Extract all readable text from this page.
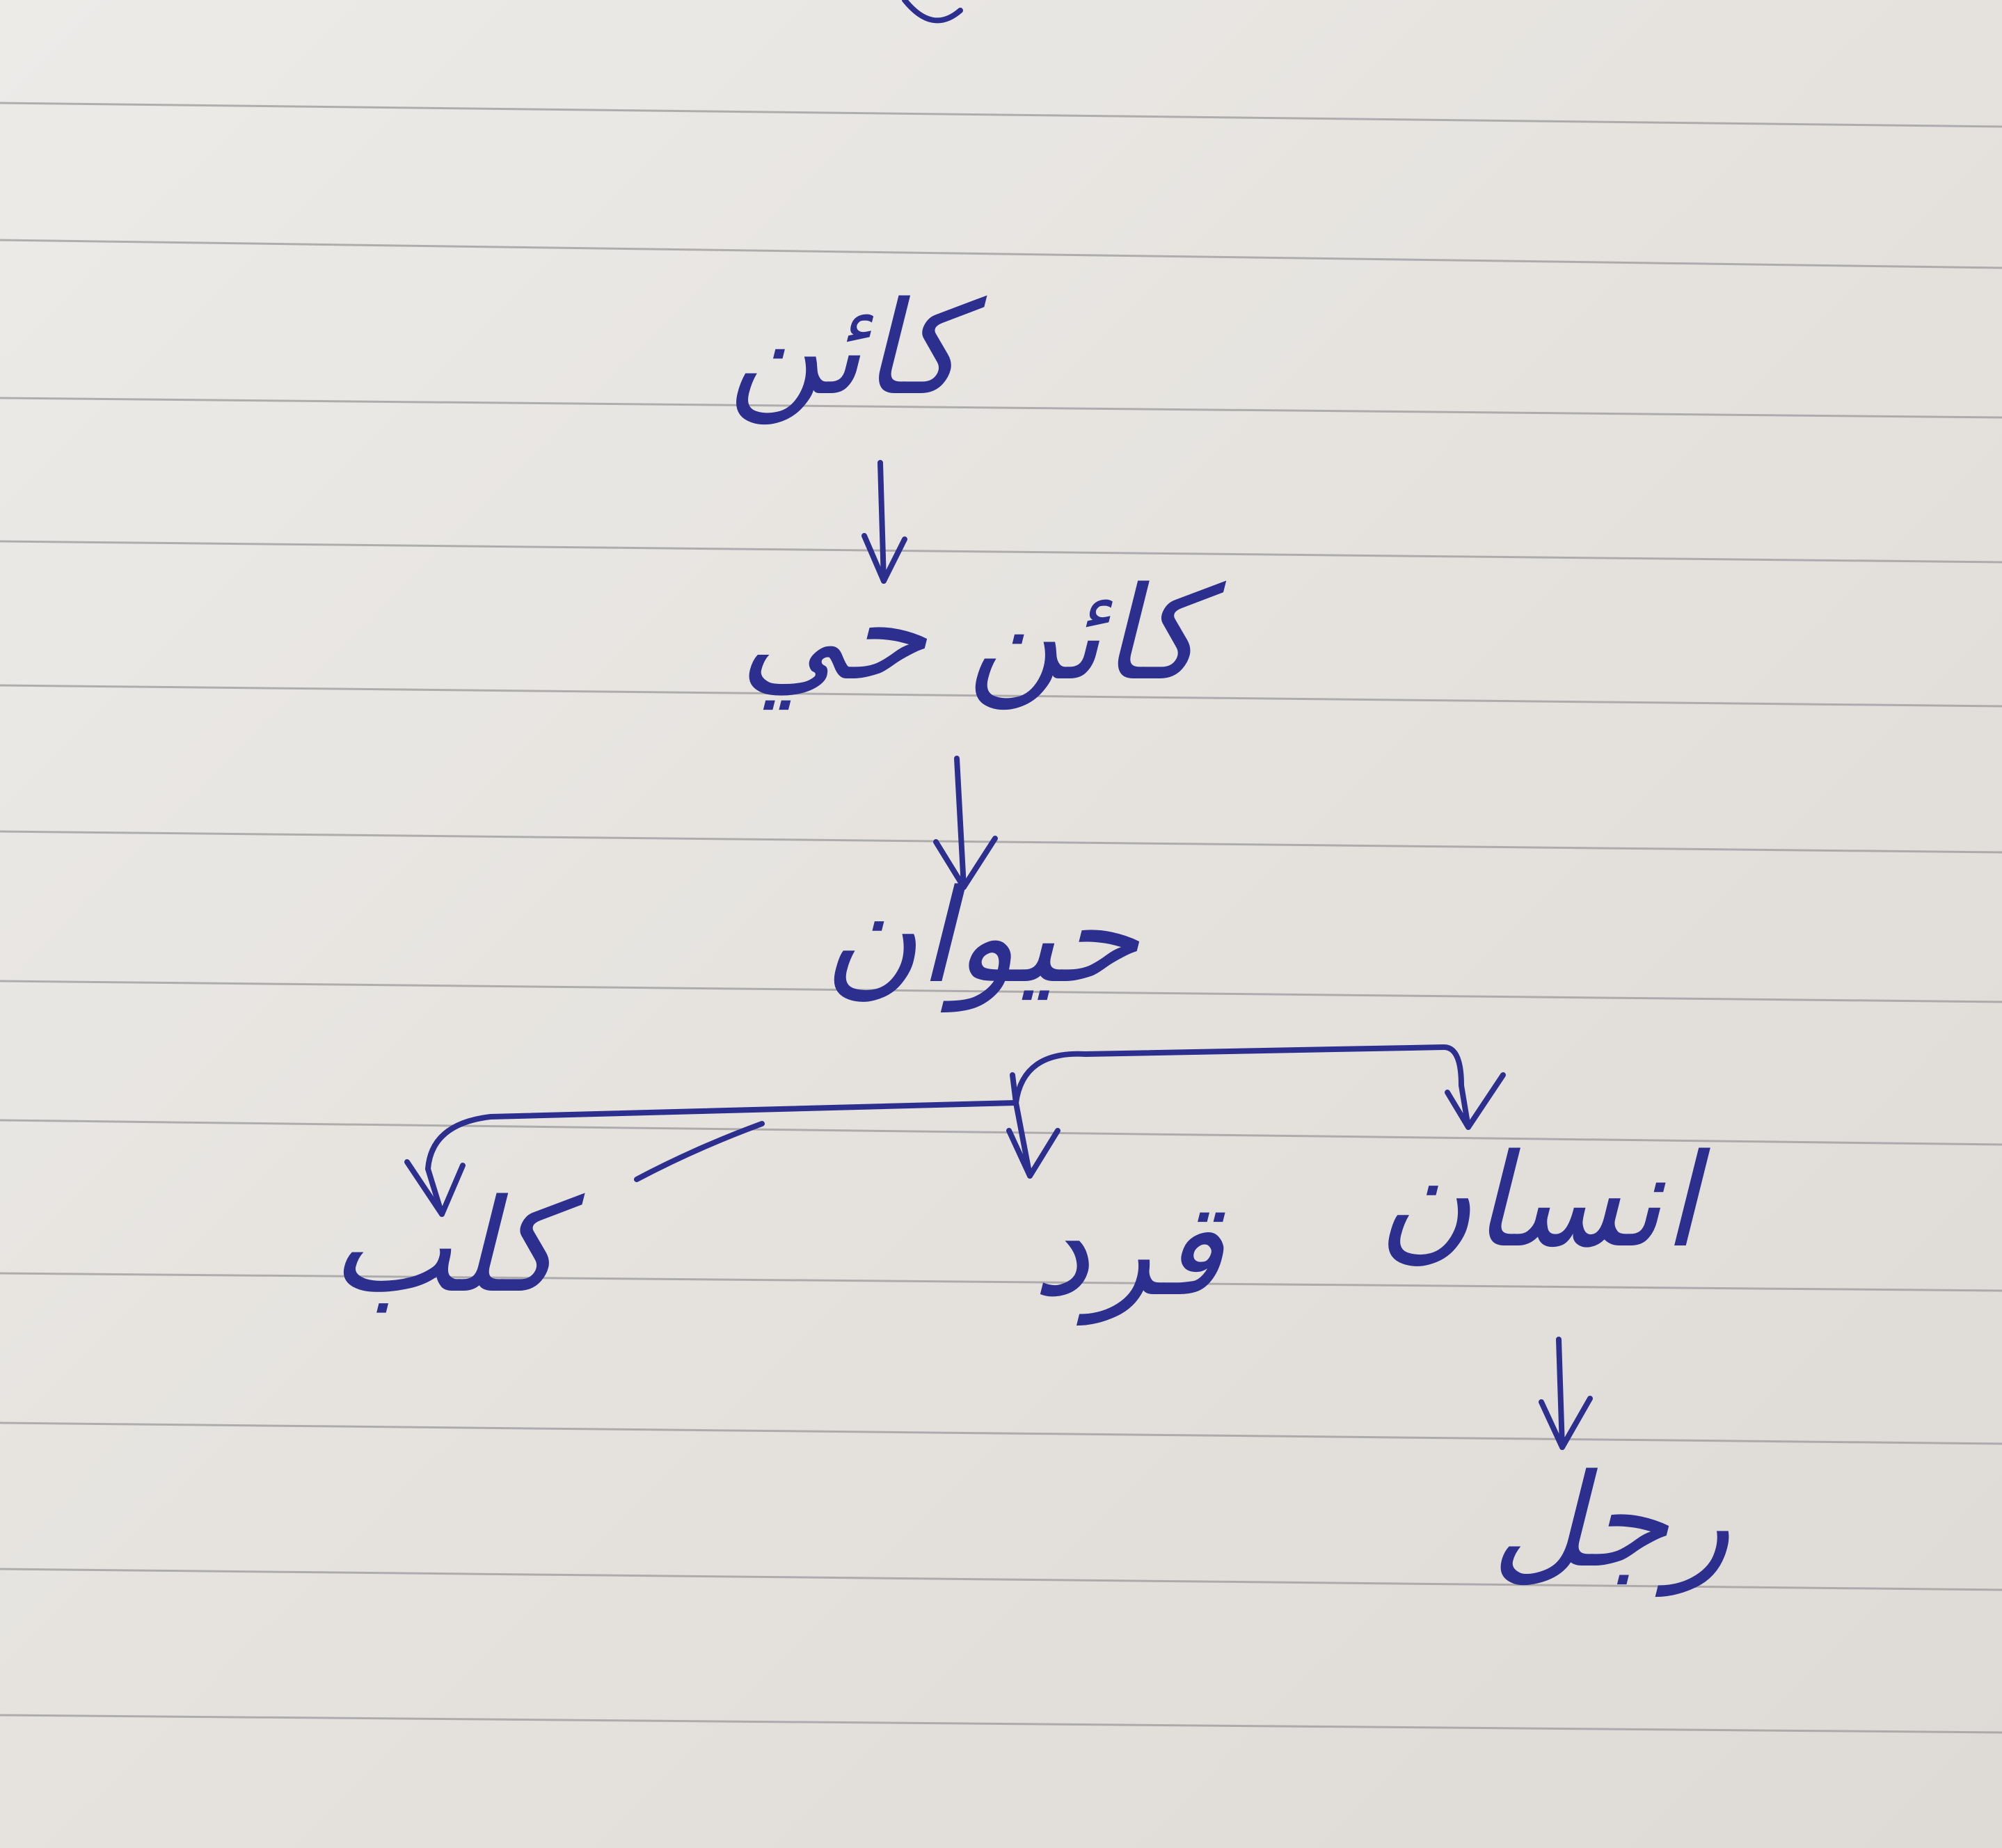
كائن
كائن حي
حيوان
كلب	قرد انسان
رجل
